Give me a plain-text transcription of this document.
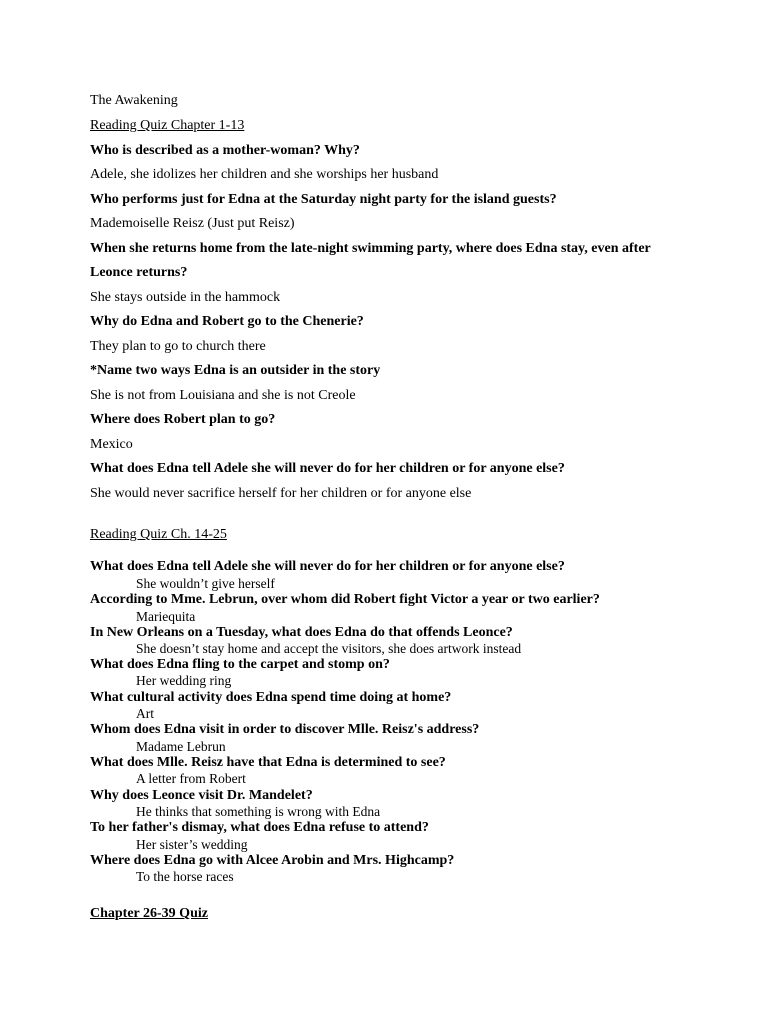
The Awakening
Reading Quiz Chapter 1-13
Who is described as a mother-woman? Why?
Adele, she idolizes her children and she worships her husband
Who performs just for Edna at the Saturday night party for the island guests?
Mademoiselle Reisz (Just put Reisz)
When she returns home from the late-night swimming party, where does Edna stay, even after
Leonce returns?
She stays outside in the hammock
Why do Edna and Robert go to the Chenerie?
They plan to go to church there
*Name two ways Edna is an outsider in the story
She is not from Louisiana and she is not Creole
Where does Robert plan to go?
Mexico
What does Edna tell Adele she will never do for her children or for anyone else?
She would never sacrifice herself for her children or for anyone else
Reading Quiz Ch. 14-25
What does Edna tell Adele she will never do for her children or for anyone else?
She wouldn’t give herself
According to Mme. Lebrun, over whom did Robert fight Victor a year or two earlier?
Mariequita
In New Orleans on a Tuesday, what does Edna do that offends Leonce?
She doesn’t stay home and accept the visitors, she does artwork instead
What does Edna fling to the carpet and stomp on?
Her wedding ring
What cultural activity does Edna spend time doing at home?
Art
Whom does Edna visit in order to discover Mlle. Reisz's address?
Madame Lebrun
What does Mlle. Reisz have that Edna is determined to see?
A letter from Robert
Why does Leonce visit Dr. Mandelet?
He thinks that something is wrong with Edna
To her father's dismay, what does Edna refuse to attend?
Her sister’s wedding
Where does Edna go with Alcee Arobin and Mrs. Highcamp?
To the horse races
Chapter 26-39 Quiz
